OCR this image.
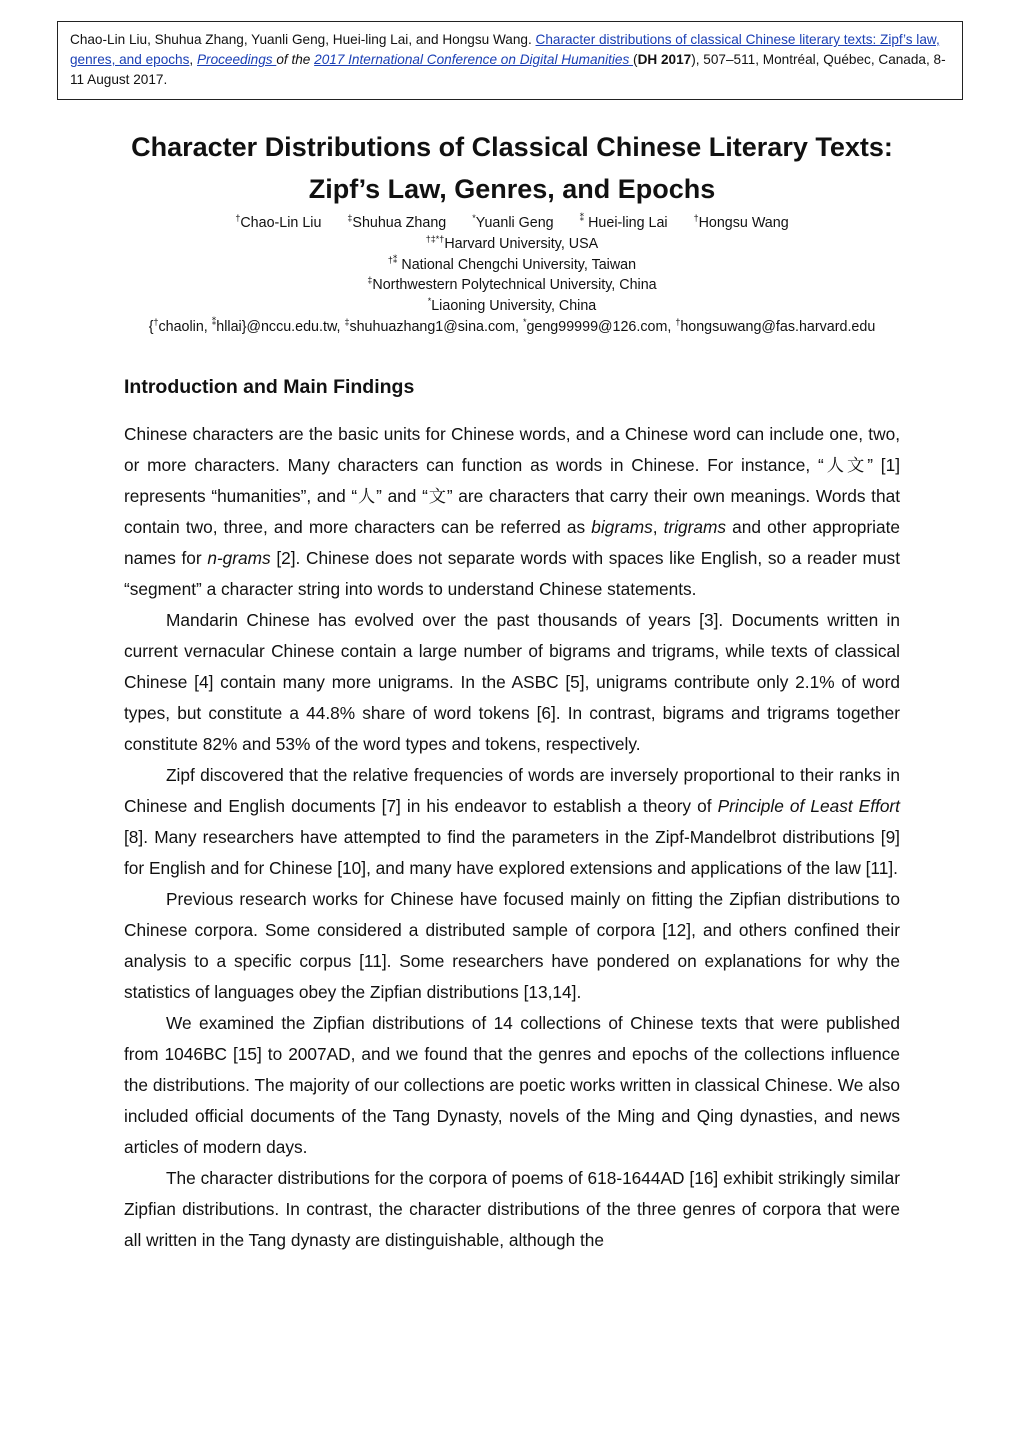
Chao-Lin Liu, Shuhua Zhang, Yuanli Geng, Huei-ling Lai, and Hongsu Wang. Character distributions of classical Chinese literary texts: Zipf’s law, genres, and epochs, Proceedings of the 2017 International Conference on Digital Humanities (DH 2017), 507–511, Montréal, Québec, Canada, 8-11 August 2017.
Character Distributions of Classical Chinese Literary Texts:
Zipf’s Law, Genres, and Epochs
†Chao-Lin Liu	‡Shuhua Zhang	*Yuanli Geng	⁑ Huei-ling Lai	†Hongsu Wang
†‡*†Harvard University, USA
†⁑ National Chengchi University, Taiwan
‡Northwestern Polytechnical University, China
*Liaoning University, China
{†chaolin, ⁑hllai}@nccu.edu.tw, ‡shuhuazhang1@sina.com, *geng99999@126.com, †hongsuwang@fas.harvard.edu
Introduction and Main Findings

Chinese characters are the basic units for Chinese words, and a Chinese word can include one, two, or more characters. Many characters can function as words in Chinese. For instance, “人文” [1] represents “humanities”, and “人” and “文” are characters that carry their own meanings. Words that contain two, three, and more characters can be referred as bigrams, trigrams and other appropriate names for n-grams [2]. Chinese does not separate words with spaces like English, so a reader must “segment” a character string into words to understand Chinese statements.

Mandarin Chinese has evolved over the past thousands of years [3]. Documents written in current vernacular Chinese contain a large number of bigrams and trigrams, while texts of classical Chinese [4] contain many more unigrams. In the ASBC [5], unigrams contribute only 2.1% of word types, but constitute a 44.8% share of word tokens [6]. In contrast, bigrams and trigrams together constitute 82% and 53% of the word types and tokens, respectively.

Zipf discovered that the relative frequencies of words are inversely proportional to their ranks in Chinese and English documents [7] in his endeavor to establish a theory of Principle of Least Effort [8]. Many researchers have attempted to find the parameters in the Zipf-Mandelbrot distributions [9] for English and for Chinese [10], and many have explored extensions and applications of the law [11].

Previous research works for Chinese have focused mainly on fitting the Zipfian distributions to Chinese corpora. Some considered a distributed sample of corpora [12], and others confined their analysis to a specific corpus [11]. Some researchers have pondered on explanations for why the statistics of languages obey the Zipfian distributions [13,14].

We examined the Zipfian distributions of 14 collections of Chinese texts that were published from 1046BC [15] to 2007AD, and we found that the genres and epochs of the collections influence the distributions. The majority of our collections are poetic works written in classical Chinese. We also included official documents of the Tang Dynasty, novels of the Ming and Qing dynasties, and news articles of modern days.

The character distributions for the corpora of poems of 618-1644AD [16] exhibit strikingly similar Zipfian distributions. In contrast, the character distributions of the three genres of corpora that were all written in the Tang dynasty are distinguishable, although the
